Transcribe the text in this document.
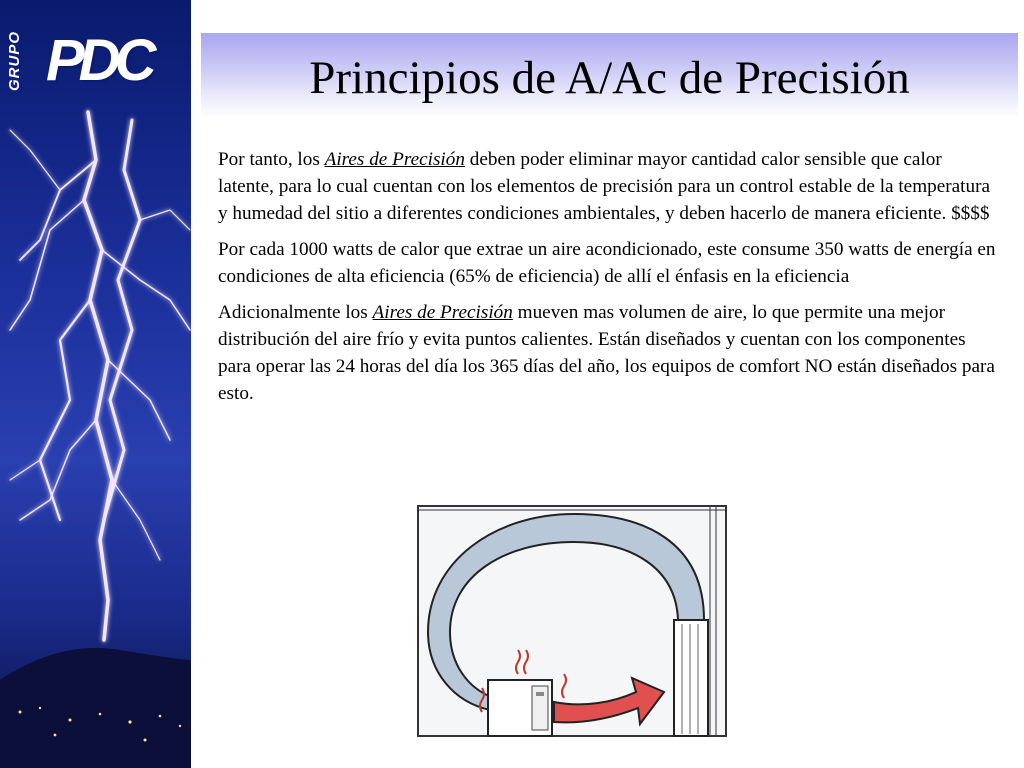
GRUPO PDC	Principios de A/Ac de Precisión

Por tanto, los Aires de Precisión deben poder eliminar mayor cantidad calor sensible que calor latente, para lo cual cuentan con los elementos de precisión para un control estable de la temperatura y humedad del sitio a diferentes condiciones ambientales, y deben hacerlo de manera eficiente. $$$$

Por cada 1000 watts de calor que extrae un aire acondicionado, este consume 350 watts de energía en condiciones de alta eficiencia (65% de eficiencia) de allí el énfasis en la eficiencia

Adicionalmente los Aires de Precisión mueven mas volumen de aire, lo que permite una mejor distribución del aire frío y evita puntos calientes. Están diseñados y cuentan con los componentes para operar las 24 horas del día los 365 días del año, los equipos de comfort NO están diseñados para esto.
